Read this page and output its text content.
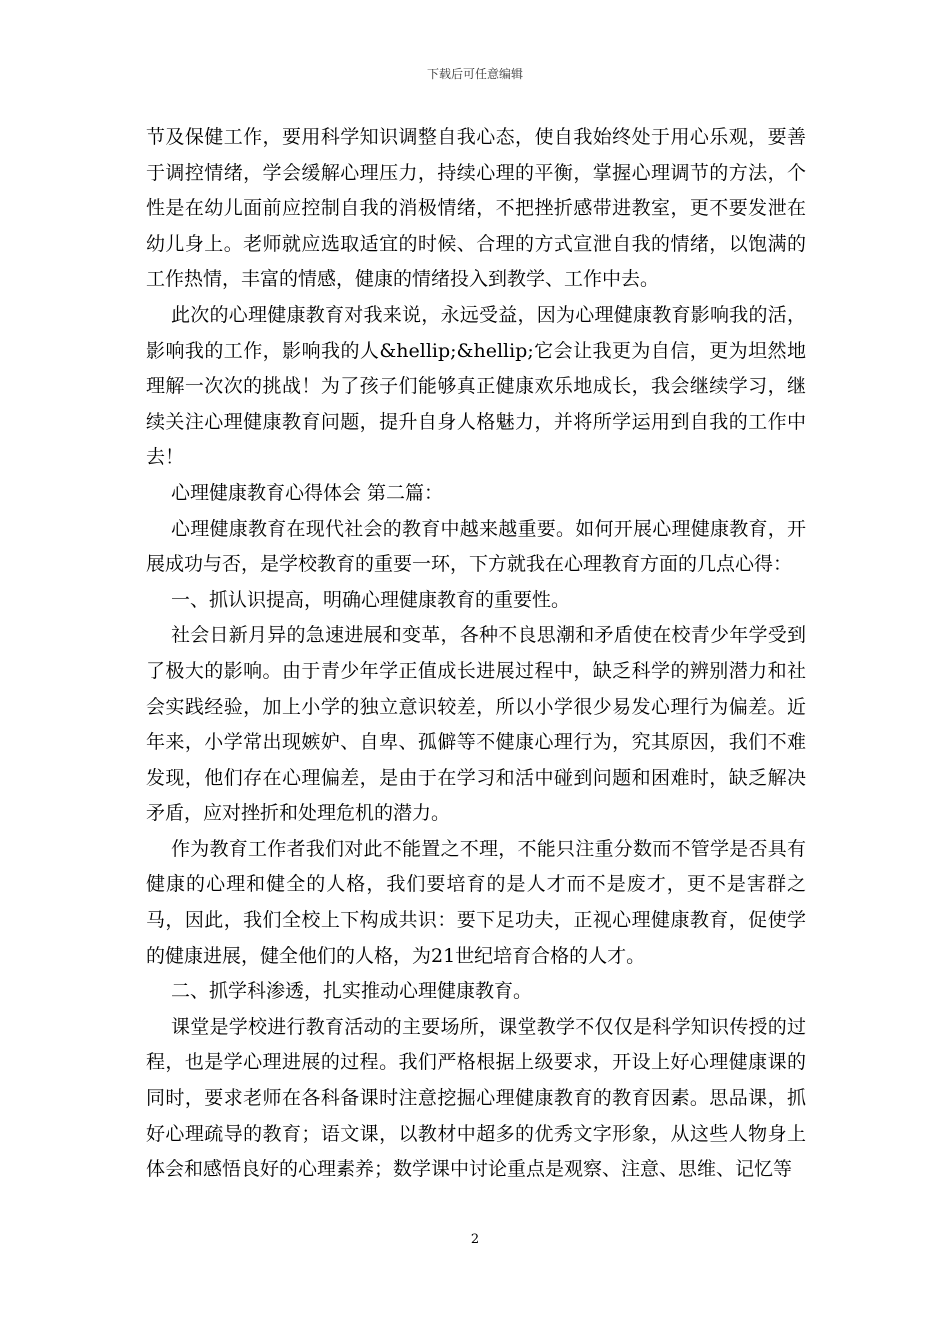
下载后可任意编辑

节及保健工作，要用科学知识调整自我心态，使自我始终处于用心乐观，要善于调控情绪，学会缓解心理压力，持续心理的平衡，掌握心理调节的方法，个性是在幼儿面前应控制自我的消极情绪，不把挫折感带进教室，更不要发泄在幼儿身上。老师就应选取适宜的时候、合理的方式宣泄自我的情绪，以饱满的工作热情，丰富的情感，健康的情绪投入到教学、工作中去。

此次的心理健康教育对我来说，永远受益，因为心理健康教育影响我的活，影响我的工作，影响我的人&hellip;&hellip;它会让我更为自信，更为坦然地理解一次次的挑战！为了孩子们能够真正健康欢乐地成长，我会继续学习，继续关注心理健康教育问题，提升自身人格魅力，并将所学运用到自我的工作中去！

心理健康教育心得体会 第二篇：

心理健康教育在现代社会的教育中越来越重要。如何开展心理健康教育，开展成功与否，是学校教育的重要一环，下方就我在心理教育方面的几点心得：

一、抓认识提高，明确心理健康教育的重要性。

社会日新月异的急速进展和变革，各种不良思潮和矛盾使在校青少年学受到了极大的影响。由于青少年学正值成长进展过程中，缺乏科学的辨别潜力和社会实践经验，加上小学的独立意识较差，所以小学很少易发心理行为偏差。近年来，小学常出现嫉妒、自卑、孤僻等不健康心理行为，究其原因，我们不难发现，他们存在心理偏差，是由于在学习和活中碰到问题和困难时，缺乏解决矛盾，应对挫折和处理危机的潜力。

作为教育工作者我们对此不能置之不理，不能只注重分数而不管学是否具有健康的心理和健全的人格，我们要培育的是人才而不是废才，更不是害群之马，因此，我们全校上下构成共识：要下足功夫，正视心理健康教育，促使学的健康进展，健全他们的人格，为21世纪培育合格的人才。

二、抓学科渗透，扎实推动心理健康教育。

课堂是学校进行教育活动的主要场所，课堂教学不仅仅是科学知识传授的过程，也是学心理进展的过程。我们严格根据上级要求，开设上好心理健康课的同时，要求老师在各科备课时注意挖掘心理健康教育的教育因素。思品课，抓好心理疏导的教育；语文课，以教材中超多的优秀文字形象，从这些人物身上体会和感悟良好的心理素养；数学课中讨论重点是观察、注意、思维、记忆等

2
